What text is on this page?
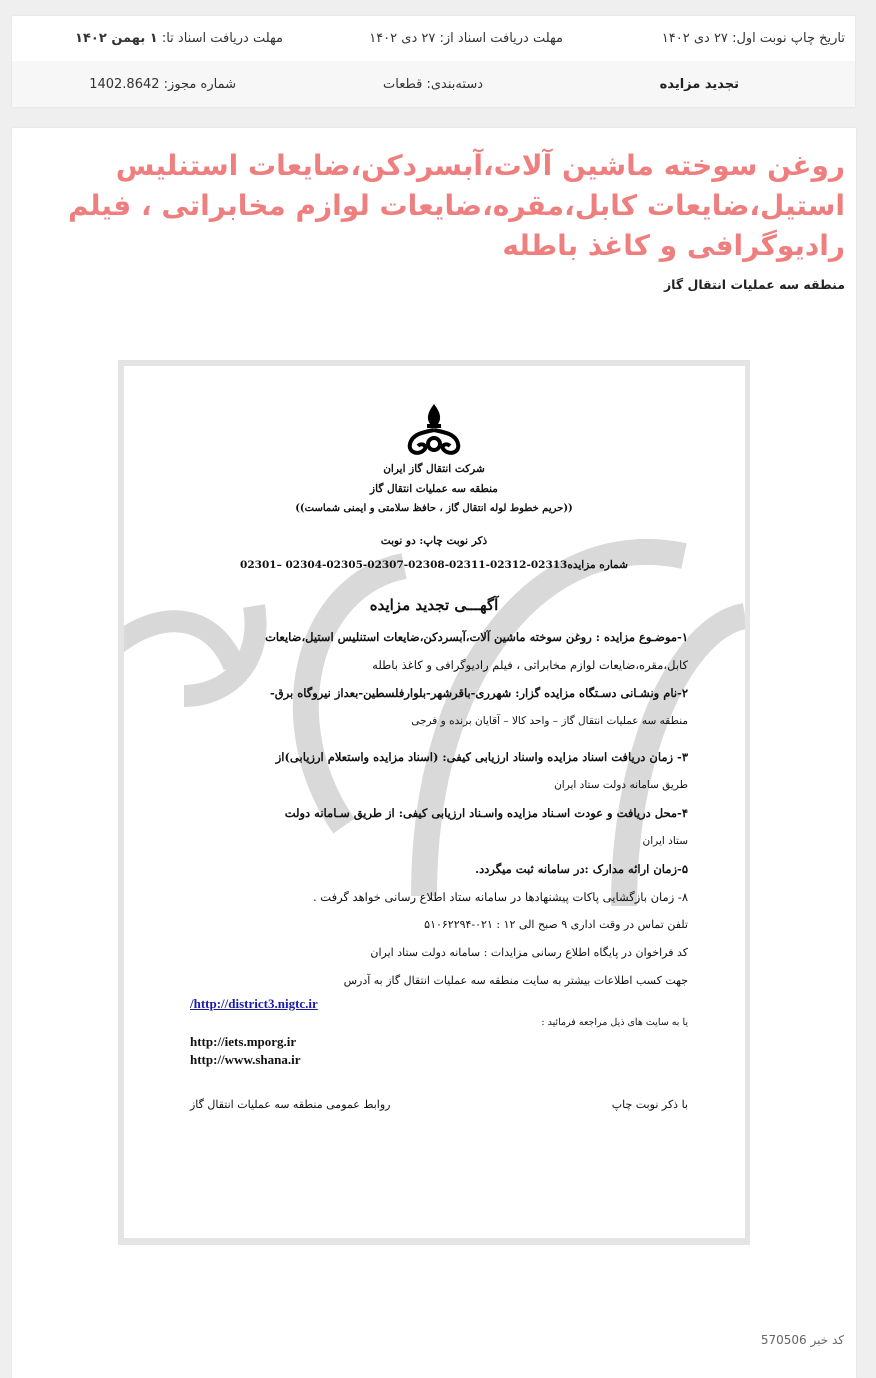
تاریخ چاپ نوبت اول:

۲۷ دی ۱۴۰۲
مهلت دریافت اسناد از:

۲۷ دی ۱۴۰۲
مهلت دریافت اسناد تا:

۱ بهمن ۱۴۰۲
تجدید مزایده
دسته‌بندی:

قطعات
شماره مجوز:

1402.8642
روغن سوخته ماشین آلات،آبسردکن،ضایعات استنلیس استیل،ضایعات کابل،مقره،ضایعات لوازم مخابراتی ، فیلم رادیوگرافی و کاغذ باطله
منطقه سه عملیات انتقال گاز
شرکت انتقال گاز ایران
منطقه سه عملیات انتقال گاز
((حریم خطوط لوله انتقال گاز ، حافظ سلامتی و ایمنی شماست))
ذکر نوبت چاپ: دو نوبت
شماره مزایده02313-02312-02311-02308-02307-02305-02304 –02301
آگهـــی تجدید مزایده
۱-موضـوع مزایده : روغن سوخته ماشین آلات،آبسردکن،ضایعات استنلیس استیل،ضایعات
کابل،مقره،ضایعات لوازم مخابراتی ، فیلم رادیوگرافی و کاغذ باطله
۲-نام ونشـانی دسـتگاه مزایده گزار: شهرری-باقرشهر-بلوارفلسطین-بعداز نیروگاه برق-
منطقه سه عملیات انتقال گاز – واحد کالا – آقایان برنده و فرجی
۳- زمان دریافت اسناد مزایده واسناد ارزیابی کیفی: (اسناد مزایده واستعلام ارزیابی)از
طریق سامانه دولت ستاد ایران
۴-محل دریافت و عودت اسـناد مزایده واسـناد ارزیابی کیفی: از طریق سـامانه دولت
ستاد ایران
۵-زمان ارائه مدارک :در سامانه ثبت میگردد.
۸- زمان بازگشایی پاکات پیشنهادها در سامانه ستاد اطلاع رسانی خواهد گرفت .
تلفن تماس در وقت اداری ۹ صبح الی ۱۲ : ۰۲۱-۵۱۰۶۲۲۹۴
کد فراخوان در پایگاه اطلاع رسانی مزایدات : سامانه دولت ستاد ایران
جهت کسب اطلاعات بیشتر به سایت منطقه سه عملیات انتقال گاز به آدرس
/http://district3.nigtc.ir
یا به سایت های ذیل مراجعه فرمائید :
http://iets.mporg.ir
http://www.shana.ir
با ذکر نوبت چاپ
روابط عمومی منطقه سه عملیات انتقال گاز
کد خبر 570506
